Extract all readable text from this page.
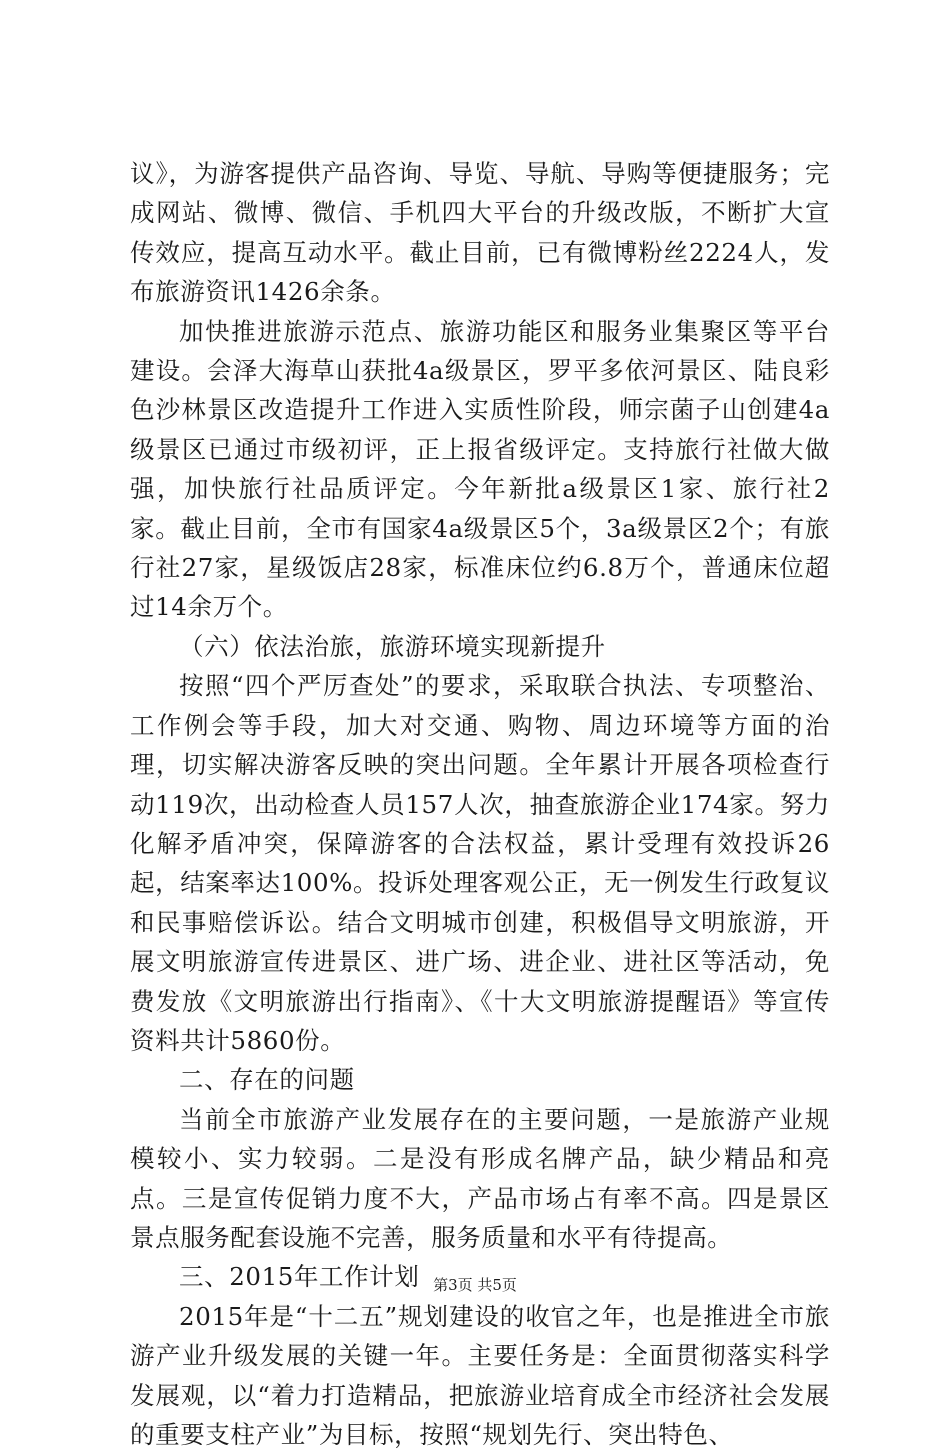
议》，为游客提供产品咨询、导览、导航、导购等便捷服务；完成网站、微博、微信、手机四大平台的升级改版，不断扩大宣传效应，提高互动水平。截止目前，已有微博粉丝2224人，发布旅游资讯1426余条。

加快推进旅游示范点、旅游功能区和服务业集聚区等平台建设。会泽大海草山获批4a级景区，罗平多依河景区、陆良彩色沙林景区改造提升工作进入实质性阶段，师宗菌子山创建4a级景区已通过市级初评，正上报省级评定。支持旅行社做大做强，加快旅行社品质评定。今年新批a级景区1家、旅行社2家。截止目前，全市有国家4a级景区5个，3a级景区2个；有旅行社27家，星级饭店28家，标准床位约6.8万个，普通床位超过14余万个。

（六）依法治旅，旅游环境实现新提升

按照“四个严厉查处”的要求，采取联合执法、专项整治、工作例会等手段，加大对交通、购物、周边环境等方面的治理，切实解决游客反映的突出问题。全年累计开展各项检查行动119次，出动检查人员157人次，抽查旅游企业174家。努力化解矛盾冲突，保障游客的合法权益，累计受理有效投诉26起，结案率达100%。投诉处理客观公正，无一例发生行政复议和民事赔偿诉讼。结合文明城市创建，积极倡导文明旅游，开展文明旅游宣传进景区、进广场、进企业、进社区等活动，免费发放《文明旅游出行指南》、《十大文明旅游提醒语》等宣传资料共计5860份。

二、存在的问题

当前全市旅游产业发展存在的主要问题，一是旅游产业规模较小、实力较弱。二是没有形成名牌产品，缺少精品和亮点。三是宣传促销力度不大，产品市场占有率不高。四是景区景点服务配套设施不完善，服务质量和水平有待提高。

三、2015年工作计划

2015年是“十二五”规划建设的收官之年，也是推进全市旅游产业升级发展的关键一年。主要任务是：全面贯彻落实科学发展观，以“着力打造精品，把旅游业培育成全市经济社会发展的重要支柱产业”为目标，按照“规划先行、突出特色、

第3页 共5页
